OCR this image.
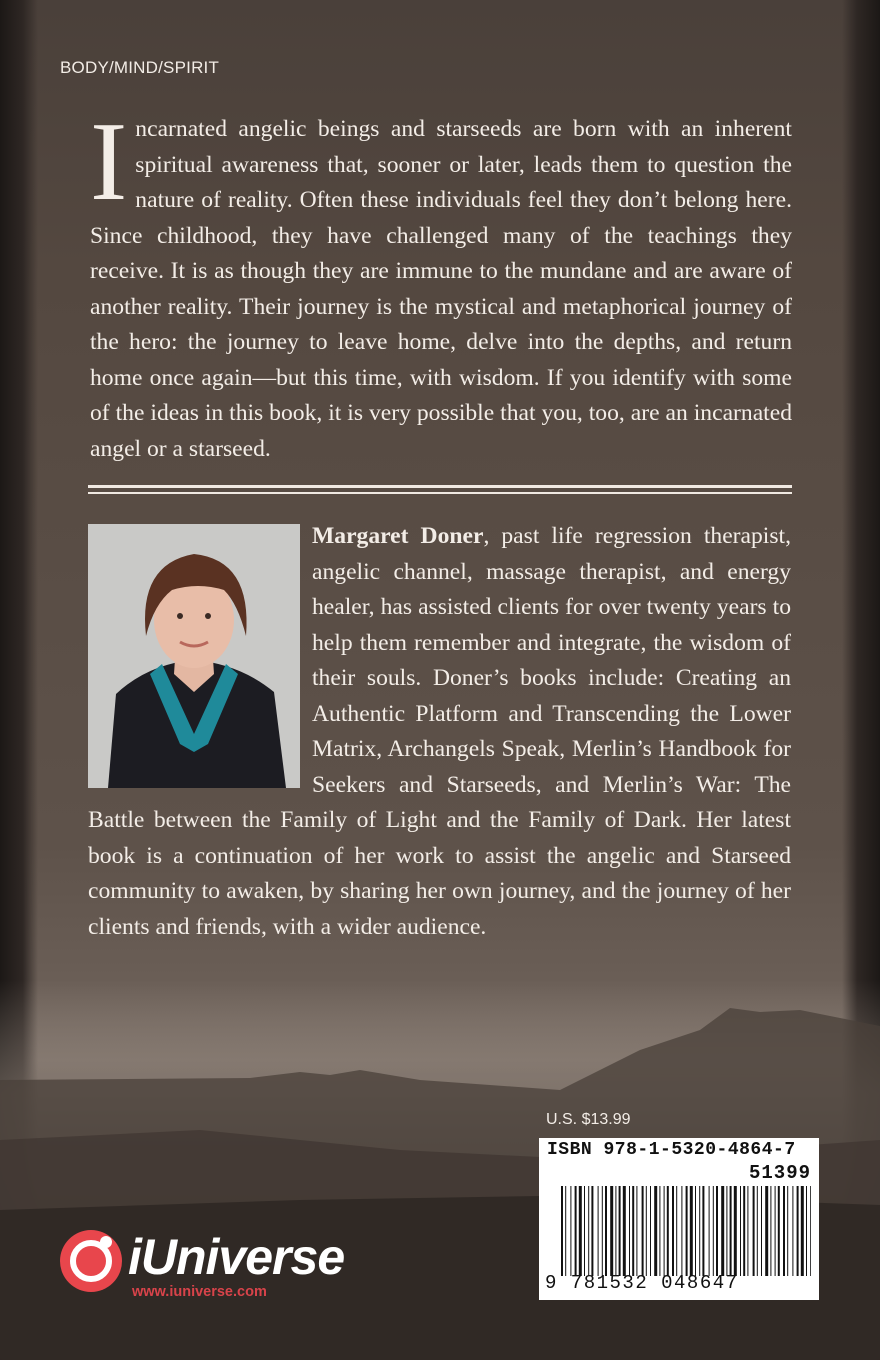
BODY/MIND/SPIRIT

Incarnated angelic beings and starseeds are born with an inherent spiritual awareness that, sooner or later, leads them to question the nature of reality. Often these individuals feel they don’t belong here. Since childhood, they have challenged many of the teachings they receive. It is as though they are immune to the mundane and are aware of another reality. Their journey is the mystical and metaphorical journey of the hero: the journey to leave home, delve into the depths, and return home once again—but this time, with wisdom. If you identify with some of the ideas in this book, it is very possible that you, too, are an incarnated angel or a starseed.

Margaret Doner, past life regression therapist, angelic channel, massage therapist, and energy healer, has assisted clients for over twenty years to help them remember and integrate, the wisdom of their souls. Doner’s books include: Creating an Authentic Platform and Transcending the Lower Matrix, Archangels Speak, Merlin’s Handbook for Seekers and Starseeds, and Merlin’s War: The Battle between the Family of Light and the Family of Dark. Her latest book is a continuation of her work to assist the angelic and Starseed community to awaken, by sharing her own journey, and the journey of her clients and friends, with a wider audience.

U.S. $13.99
ISBN 978-1-5320-4864-7
51399
9 781532 048647
iUniverse
www.iuniverse.com
